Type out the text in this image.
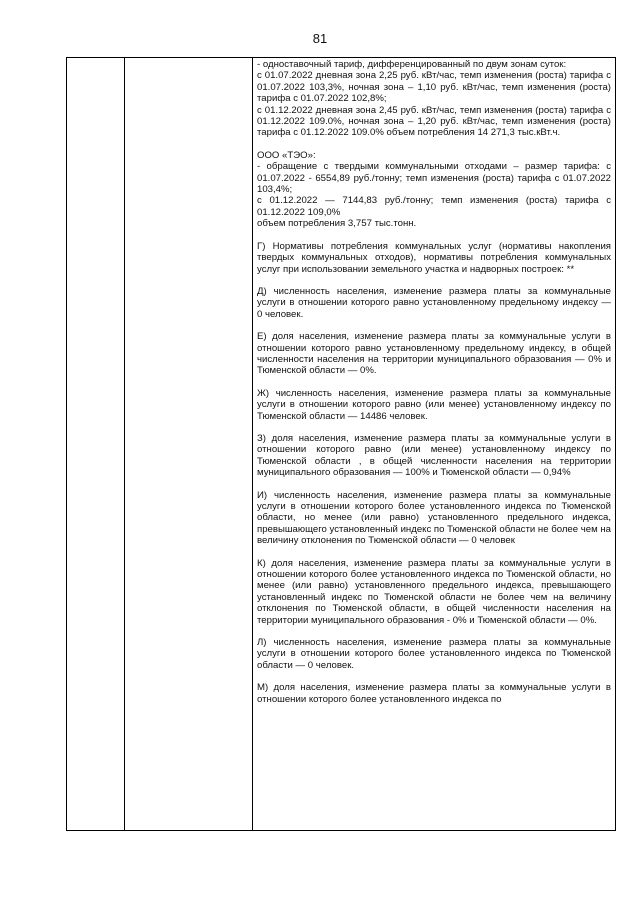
81

- одноставочный тариф, дифференцированный по двум зонам суток:
с 01.07.2022 дневная зона 2,25 руб. кВт/час, темп изменения (роста) тарифа с 01.07.2022 103,3%, ночная зона – 1,10 руб. кВт/час, темп изменения (роста) тарифа с 01.07.2022 102,8%;
с 01.12.2022 дневная зона 2,45 руб. кВт/час, темп изменения (роста) тарифа с 01.12.2022 109.0%, ночная зона – 1,20 руб. кВт/час, темп изменения (роста) тарифа с 01.12.2022 109.0% объем потребления 14 271,3 тыс.кВт.ч.

ООО «ТЭО»:
- обращение с твердыми коммунальными отходами – размер тарифа: с 01.07.2022 - 6554,89 руб./тонну; темп изменения (роста) тарифа с 01.07.2022 103,4%;
с 01.12.2022 — 7144,83 руб./тонну; темп изменения (роста) тарифа с 01.12.2022 109,0%
объем потребления 3,757 тыс.тонн.

Г) Нормативы потребления коммунальных услуг (нормативы накопления твердых коммунальных отходов), нормативы потребления коммунальных услуг при использовании земельного участка и надворных построек: **

Д) численность населения, изменение размера платы за коммунальные услуги в отношении которого равно установленному предельному индексу — 0 человек.

Е) доля населения, изменение размера платы за коммунальные услуги в отношении которого равно установленному предельному индексу, в общей численности населения на территории муниципального образования — 0% и Тюменской области — 0%.

Ж) численность населения, изменение размера платы за коммунальные услуги в отношении которого равно (или менее) установленному индексу по Тюменской области — 14486 человек.

З) доля населения, изменение размера платы за коммунальные услуги в отношении которого равно (или менее) установленному индексу по Тюменской области , в общей численности населения на территории муниципального образования — 100% и Тюменской области — 0,94%

И) численность населения, изменение размера платы за коммунальные услуги в отношении которого более установленного индекса по Тюменской области, но менее (или равно) установленного предельного индекса, превышающего установленный индекс по Тюменской области не более чем на величину отклонения по Тюменской области — 0 человек

К) доля населения, изменение размера платы за коммунальные услуги в отношении которого более установленного индекса по Тюменской области, но менее (или равно) установленного предельного индекса, превышающего установленный индекс по Тюменской области не более чем на величину отклонения по Тюменской области, в общей численности населения на территории муниципального образования - 0% и Тюменской области — 0%.

Л) численность населения, изменение размера платы за коммунальные услуги в отношении которого более установленного индекса по Тюменской области — 0 человек.

М) доля населения, изменение размера платы за коммунальные услуги в отношении которого более установленного индекса по
